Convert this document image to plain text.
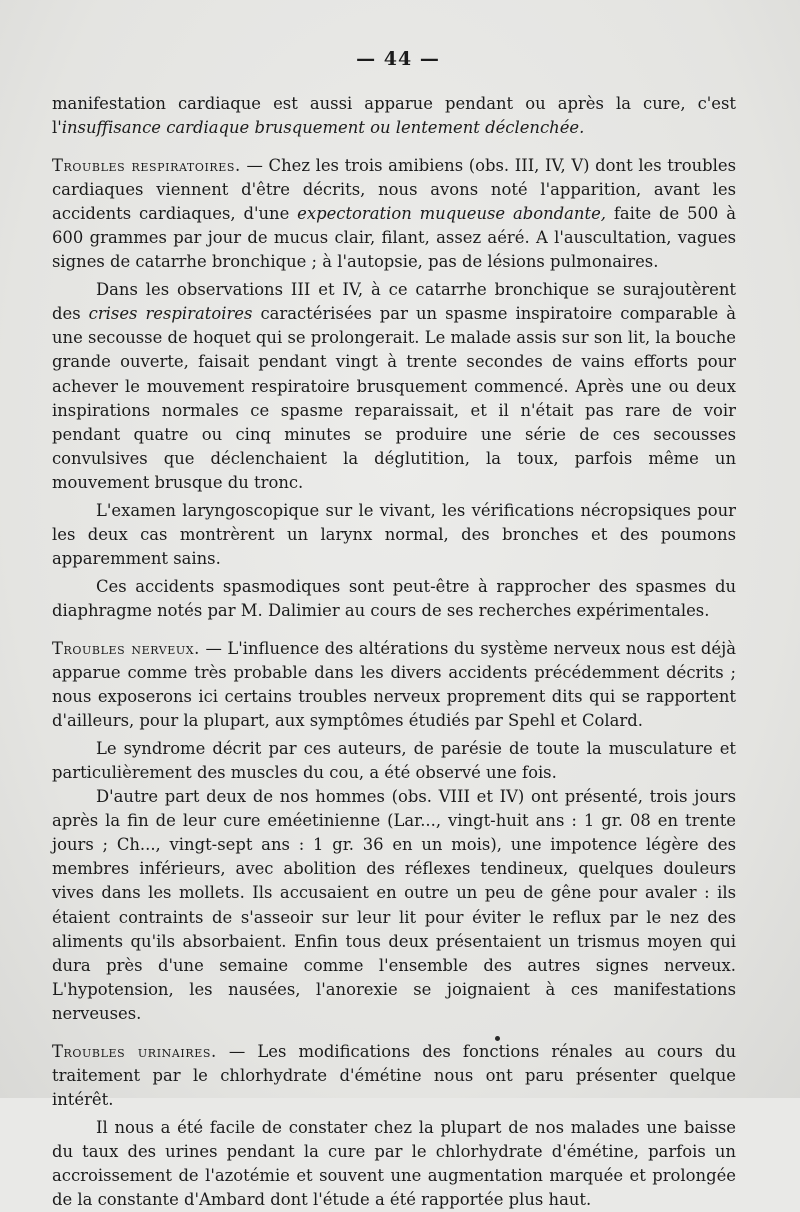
— 44 —

manifestation cardiaque est aussi apparue pendant ou après la cure, c'est l'insuffisance cardiaque brusquement ou lentement déclenchée.

Troubles respiratoires. — Chez les trois amibiens (obs. III, IV, V) dont les troubles cardiaques viennent d'être décrits, nous avons noté l'apparition, avant les accidents cardiaques, d'une expectoration muqueuse abondante, faite de 500 à 600 grammes par jour de mucus clair, filant, assez aéré. A l'auscultation, vagues signes de catarrhe bronchique ; à l'autopsie, pas de lésions pulmonaires.

Dans les observations III et IV, à ce catarrhe bronchique se surajoutèrent des crises respiratoires caractérisées par un spasme inspiratoire comparable à une secousse de hoquet qui se prolongerait. Le malade assis sur son lit, la bouche grande ouverte, faisait pendant vingt à trente secondes de vains efforts pour achever le mouvement respiratoire brusquement commencé. Après une ou deux inspirations normales ce spasme reparaissait, et il n'était pas rare de voir pendant quatre ou cinq minutes se produire une série de ces secousses convulsives que déclenchaient la déglutition, la toux, parfois même un mouvement brusque du tronc.

L'examen laryngoscopique sur le vivant, les vérifications nécropsiques pour les deux cas montrèrent un larynx normal, des bronches et des poumons apparemment sains.

Ces accidents spasmodiques sont peut-être à rapprocher des spasmes du diaphragme notés par M. Dalimier au cours de ses recherches expérimentales.

Troubles nerveux. — L'influence des altérations du système nerveux nous est déjà apparue comme très probable dans les divers accidents précédemment décrits ; nous exposerons ici certains troubles nerveux proprement dits qui se rapportent d'ailleurs, pour la plupart, aux symptômes étudiés par Spehl et Colard.

Le syndrome décrit par ces auteurs, de parésie de toute la musculature et particulièrement des muscles du cou, a été observé une fois.

D'autre part deux de nos hommes (obs. VIII et IV) ont présenté, trois jours après la fin de leur cure eméetinienne (Lar..., vingt-huit ans : 1 gr. 08 en trente jours ; Ch..., vingt-sept ans : 1 gr. 36 en un mois), une impotence légère des membres inférieurs, avec abolition des réflexes tendineux, quelques douleurs vives dans les mollets. Ils accusaient en outre un peu de gêne pour avaler : ils étaient contraints de s'asseoir sur leur lit pour éviter le reflux par le nez des aliments qu'ils absorbaient. Enfin tous deux présentaient un trismus moyen qui dura près d'une semaine comme l'ensemble des autres signes nerveux. L'hypotension, les nausées, l'anorexie se joignaient à ces manifestations nerveuses.

Troubles urinaires. — Les modifications des fonctions rénales au cours du traitement par le chlorhydrate d'émétine nous ont paru présenter quelque intérêt.

Il nous a été facile de constater chez la plupart de nos malades une baisse du taux des urines pendant la cure par le chlorhydrate d'émétine, parfois un accroissement de l'azotémie et souvent une augmentation marquée et prolongée de la constante d'Ambard dont l'étude a été rapportée plus haut.
